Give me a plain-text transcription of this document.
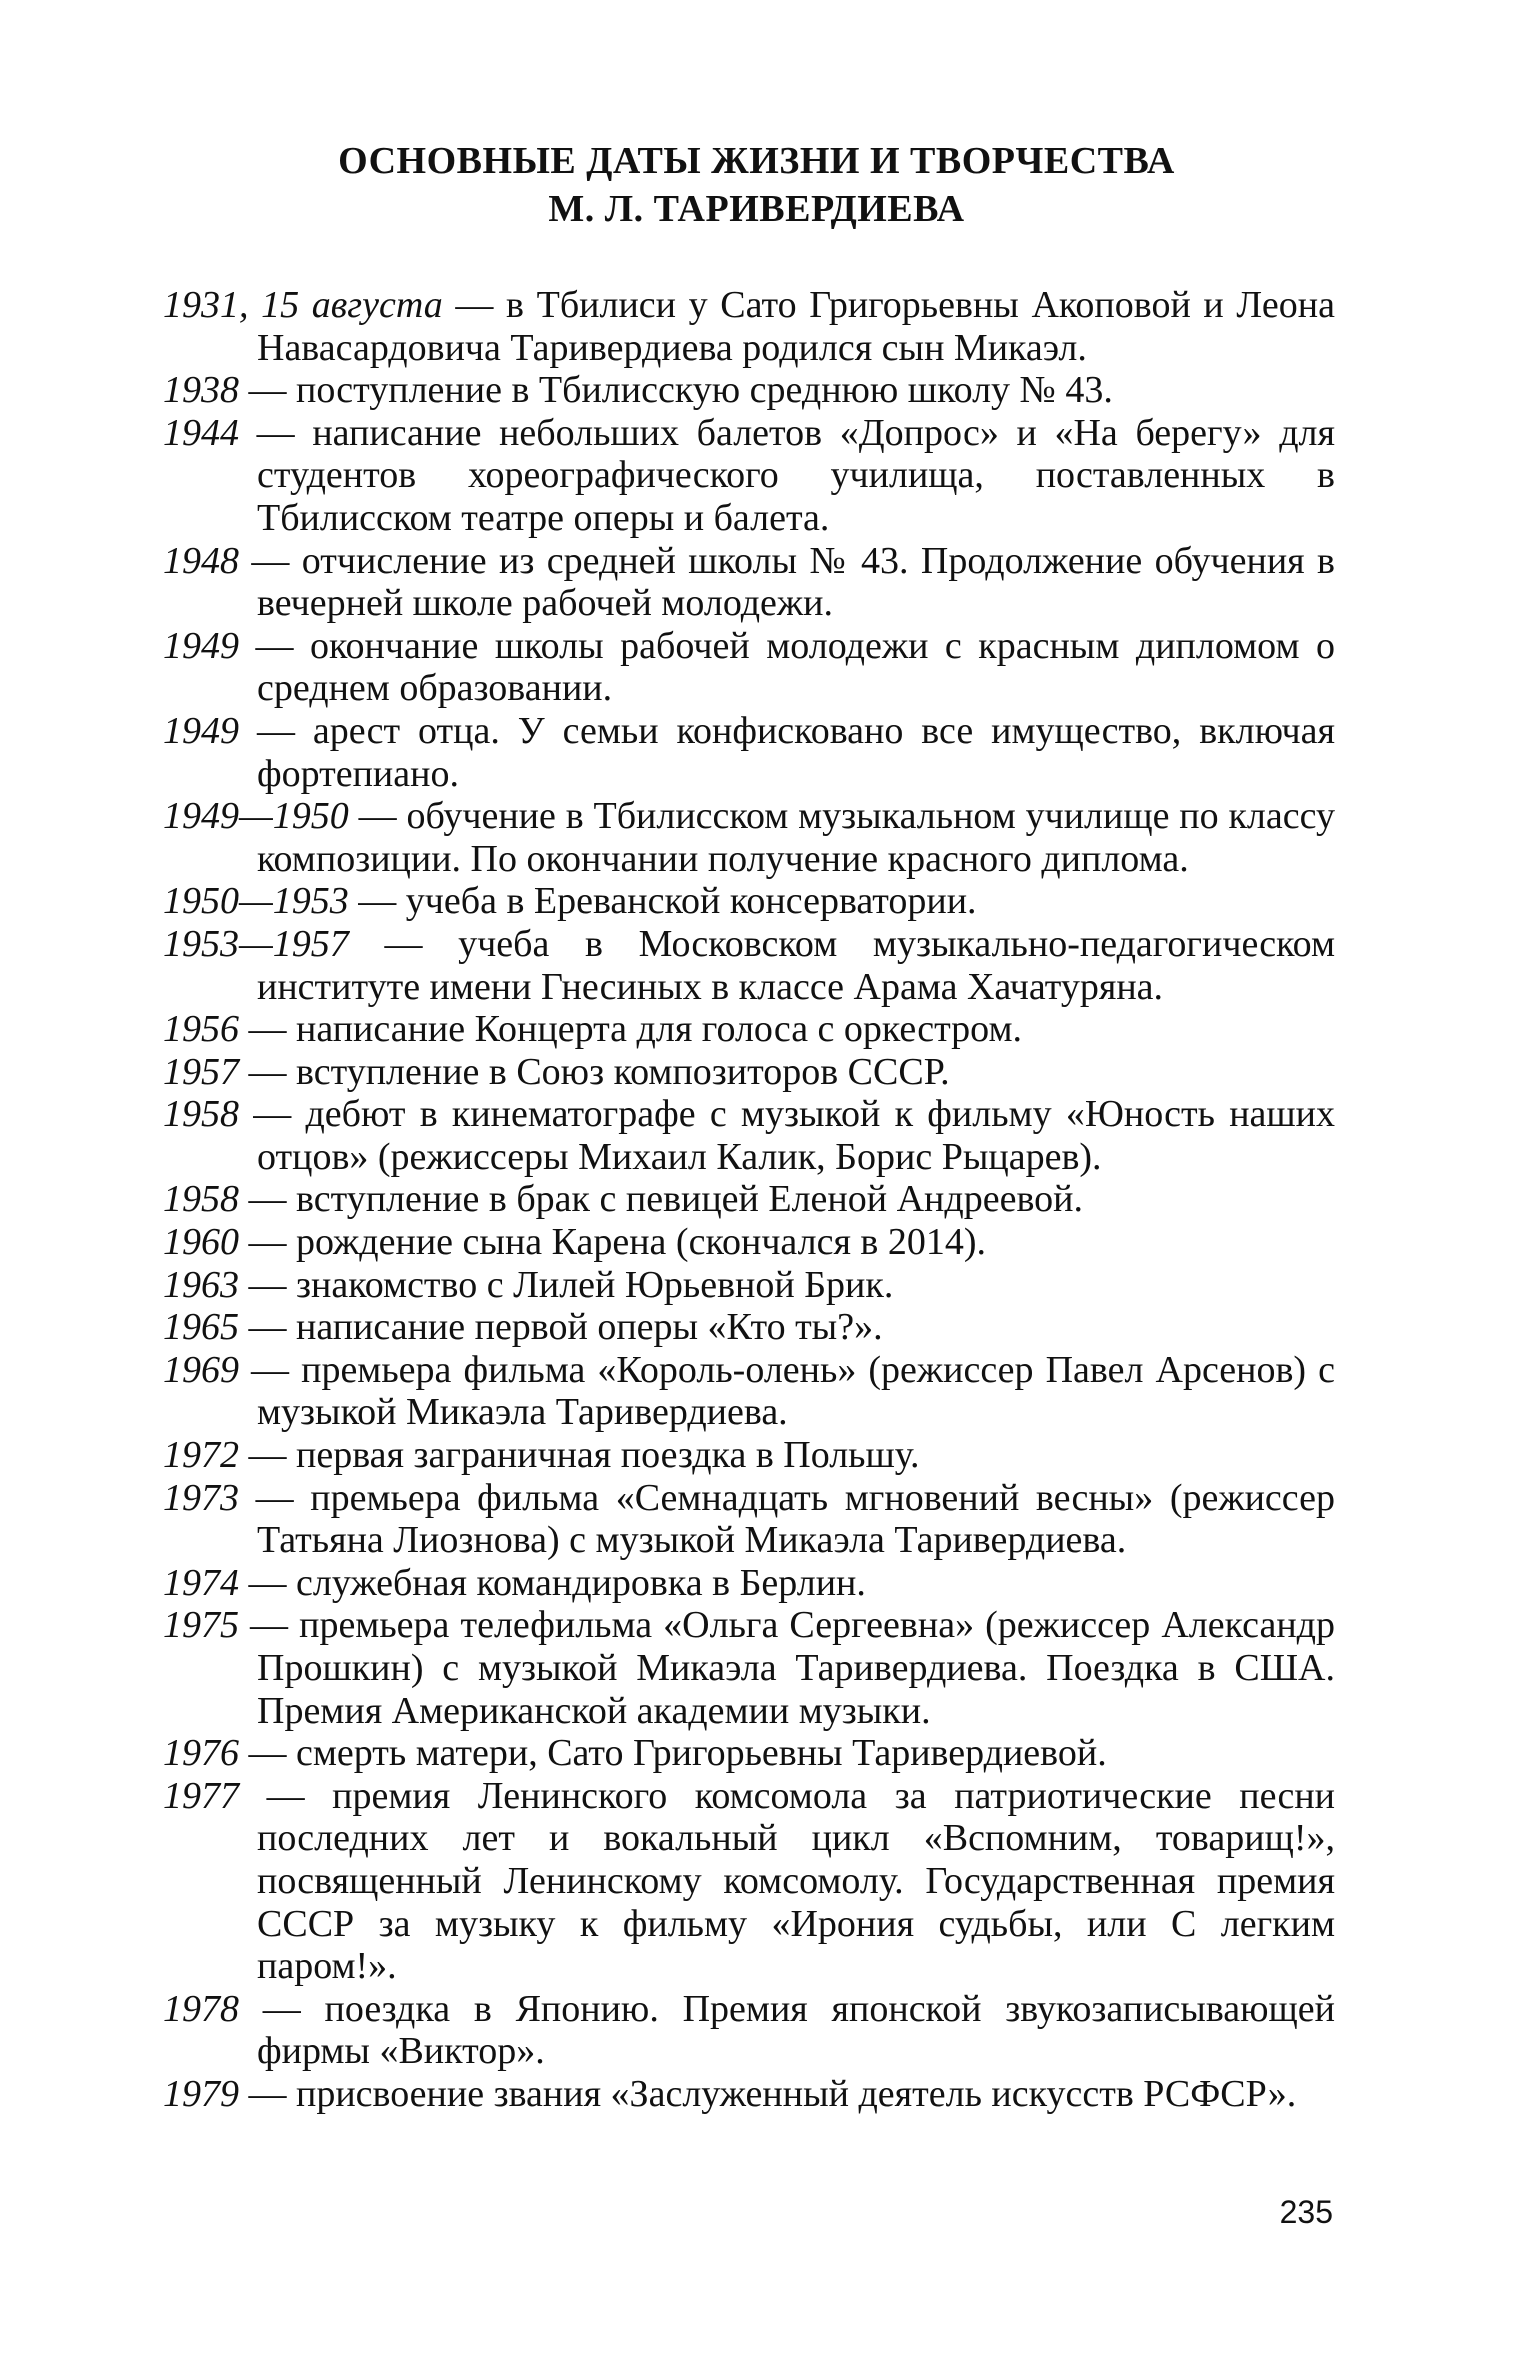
ОСНОВНЫЕ ДАТЫ ЖИЗНИ И ТВОРЧЕСТВА
М. Л. ТАРИВЕРДИЕВА

1931, 15 августа — в Тбилиси у Сато Григорьевны Акоповой и Леона Навасардовича Таривердиева родился сын Микаэл.

1938 — поступление в Тбилисскую среднюю школу № 43.

1944 — написание небольших балетов «Допрос» и «На берегу» для студентов хореографического училища, поставленных в Тбилисском театре оперы и балета.

1948 — отчисление из средней школы № 43. Продолжение обучения в вечерней школе рабочей молодежи.

1949 — окончание школы рабочей молодежи с красным дипломом о среднем образовании.

1949 — арест отца. У семьи конфисковано все имущество, включая фортепиано.

1949—1950 — обучение в Тбилисском музыкальном училище по классу композиции. По окончании получение красного диплома.

1950—1953 — учеба в Ереванской консерватории.

1953—1957 — учеба в Московском музыкально-педагогическом институте имени Гнесиных в классе Арама Хачатуряна.

1956 — написание Концерта для голоса с оркестром.

1957 — вступление в Союз композиторов СССР.

1958 — дебют в кинематографе с музыкой к фильму «Юность наших отцов» (режиссеры Михаил Калик, Борис Рыцарев).

1958 — вступление в брак с певицей Еленой Андреевой.

1960 — рождение сына Карена (скончался в 2014).

1963 — знакомство с Лилей Юрьевной Брик.

1965 — написание первой оперы «Кто ты?».

1969 — премьера фильма «Король-олень» (режиссер Павел Арсенов) с музыкой Микаэла Таривердиева.

1972 — первая заграничная поездка в Польшу.

1973 — премьера фильма «Семнадцать мгновений весны» (режиссер Татьяна Лиознова) с музыкой Микаэла Таривердиева.

1974 — служебная командировка в Берлин.

1975 — премьера телефильма «Ольга Сергеевна» (режиссер Александр Прошкин) с музыкой Микаэла Таривердиева. Поездка в США. Премия Американской академии музыки.

1976 — смерть матери, Сато Григорьевны Таривердиевой.

1977 — премия Ленинского комсомола за патриотические песни последних лет и вокальный цикл «Вспомним, товарищ!», посвященный Ленинскому комсомолу. Государственная премия СССР за музыку к фильму «Ирония судьбы, или С легким паром!».

1978 — поездка в Японию. Премия японской звукозаписывающей фирмы «Виктор».

1979 — присвоение звания «Заслуженный деятель искусств РСФСР».

235
